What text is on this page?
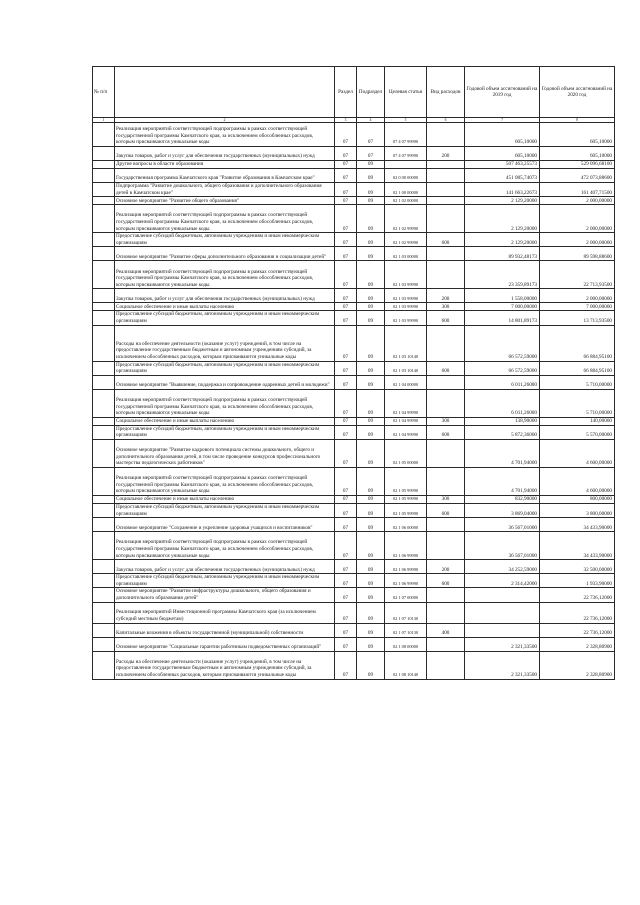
№ п/п		Раздел	Подраздел	Целевая статья	Вид расходов	Годовой объем ассигнований на 2019 год	Годовой объем ассигнований на 2020 год
1	2	3	4	5	6	7	8
	Реализация мероприятий соответствующей подпрограммы в рамках соответствующей государственной программы Камчатского края, за исключением обособленных расходов, которым присваиваются уникальные коды	07	07	07 4 07 99990		605,10000	605,10000
	Закупка товаров, работ и услуг для обеспечения государственных (муниципальных) нужд	07	07	07 4 07 99990	200	605,10000	605,10000
	Другие вопросы в области образования	07	09			507 463,25573	529 096,68100
	Государственная программа Камчатского края "Развитие образования в Камчатском крае"	07	09	02 0 00 00000		451 085,74073	472 073,88600
	Подпрограмма "Развитие дошкольного, общего образования и дополнительного образования детей в Камчатском крае"	07	09	02 1 00 00000		141 663,22673	161 407,71500
	Основное мероприятие "Развитие общего образования"	07	09	02 1 02 00000		2 129,20000	2 000,00000
	Реализация мероприятий соответствующей подпрограммы в рамках соответствующей государственной программы Камчатского края, за исключением обособленных расходов, которым присваиваются уникальные коды	07	09	02 1 02 99990		2 129,20000	2 000,00000
	Предоставление субсидий бюджетным, автономным учреждениям и иным некоммерческим организациям	07	09	02 1 02 99990	600	2 129,20000	2 000,00000
	Основное мероприятие "Развитие сферы дополнительного образования и социализации детей"	07	09	02 1 03 00000		89 932,48173	89 598,88600
	Реализация мероприятий соответствующей подпрограммы в рамках соответствующей государственной программы Камчатского края, за исключением обособленных расходов, которым присваиваются уникальные коды	07	09	02 1 03 99990		23 359,89173	22 713,93500
	Закупка товаров, работ и услуг для обеспечения государственных (муниципальных) нужд	07	09	02 1 03 99990	200	1 558,00000	2 000,00000
	Социальное обеспечение и иные выплаты населению	07	09	02 1 03 99990	300	7 000,00000	7 000,00000
	Предоставление субсидий бюджетным, автономным учреждениям и иным некоммерческим организациям	07	09	02 1 03 99990	600	14 801,89173	13 713,93500
	Расходы на обеспечение деятельности (оказание услуг) учреждений, в том числе на предоставление государственным бюджетным и автономным учреждениям субсидий, за исключением обособленных расходов, которым присваиваются уникальные коды	07	09	02 1 03 10140		66 572,59000	66 884,95100
	Предоставление субсидий бюджетным, автономным учреждениям и иным некоммерческим организациям	07	09	02 1 03 10140	600	66 572,59000	66 884,95100
	Основное мероприятие "Выявление, поддержка и сопровождение одаренных детей и молодежи"	07	09	02 1 04 00000		6 011,26000	5 710,00000
	Реализация мероприятий соответствующей подпрограммы в рамках соответствующей государственной программы Камчатского края, за исключением обособленных расходов, которым присваиваются уникальные коды	07	09	02 1 04 99990		6 011,26000	5 710,00000
	Социальное обеспечение и иные выплаты населению	07	09	02 1 04 99990	300	138,90000	140,00000
	Предоставление субсидий бюджетным, автономным учреждениям и иным некоммерческим организациям	07	09	02 1 04 99990	600	5 872,36000	5 570,00000
	Основное мероприятие "Развитие кадрового потенциала системы дошкольного, общего и дополнительного образования детей, в том числе проведение конкурсов профессионального мастерства педагогических работников"	07	09	02 1 05 00000		4 701,94000	4 600,00000
	Реализация мероприятий соответствующей подпрограммы в рамках соответствующей государственной программы Камчатского края, за исключением обособленных расходов, которым присваиваются уникальные коды	07	09	02 1 05 99990		4 701,94000	4 600,00000
	Социальное обеспечение и иные выплаты населению	07	09	02 1 05 99990	300	832,90000	800,00000
	Предоставление субсидий бюджетным, автономным учреждениям и иным некоммерческим организациям	07	09	02 1 05 99990	600	3 869,04000	3 800,00000
	Основное мероприятие "Сохранение и укрепление здоровья учащихся и воспитанников"	07	09	02 1 06 00000		36 567,01000	34 433,90000
	Реализация мероприятий соответствующей подпрограммы в рамках соответствующей государственной программы Камчатского края, за исключением обособленных расходов, которым присваиваются уникальные коды	07	09	02 1 06 99990		36 567,01000	34 433,90000
	Закупка товаров, работ и услуг для обеспечения государственных (муниципальных) нужд	07	09	02 1 06 99990	200	34 252,59000	32 500,00000
	Предоставление субсидий бюджетным, автономным учреждениям и иным некоммерческим организациям	07	09	02 1 06 99990	600	2 314,42000	1 933,90000
	Основное мероприятие "Развитие инфраструктуры дошкольного, общего образования и дополнительного образования детей"	07	09	02 1 07 00000			22 736,12000
	Реализация мероприятий Инвестиционной программы Камчатского края (за исключением субсидий местным бюджетам)	07	09	02 1 07 10130			22 736,12000
	Капитальные вложения в объекты государственной (муниципальной) собственности	07	09	02 1 07 10130	400		22 736,12000
	Основное мероприятие "Социальные гарантии работникам подведомственных организаций"	07	09	02 1 08 00000		2 321,33500	2 328,80900
	Расходы на обеспечение деятельности (оказание услуг) учреждений, в том числе на предоставление государственным бюджетным и автономным учреждениям субсидий, за исключением обособленных расходов, которым присваиваются уникальные коды	07	09	02 1 08 10140		2 321,33500	2 328,80900
